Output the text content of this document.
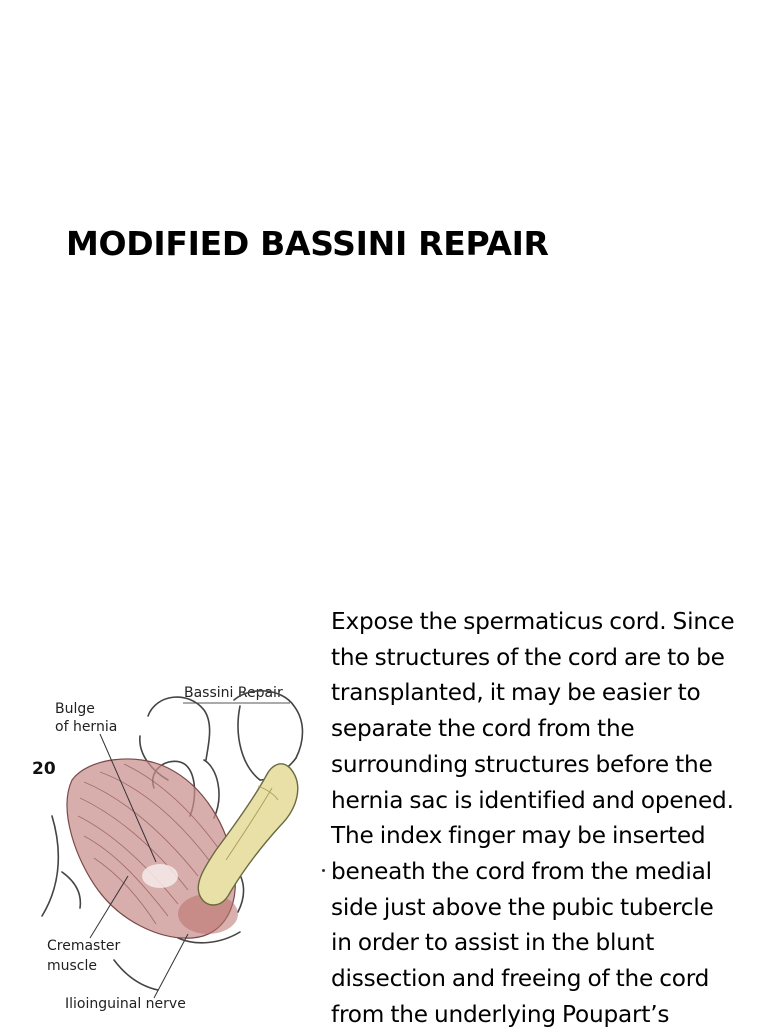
MODIFIED BASSINI REPAIR
Bassini Repair
20
Bulge
of hernia
Cremaster
muscle
Ilioinguinal nerve
Expose the spermaticus cord. Since
the structures of the cord are to be
transplanted, it may be easier to
separate the cord from the
surrounding structures before the
hernia sac is identified and opened.
The index finger may be inserted
beneath the cord from the medial
side just above the pubic tubercle
in order to assist in the blunt
dissection and freeing of the cord
from the underlying Poupart’s
